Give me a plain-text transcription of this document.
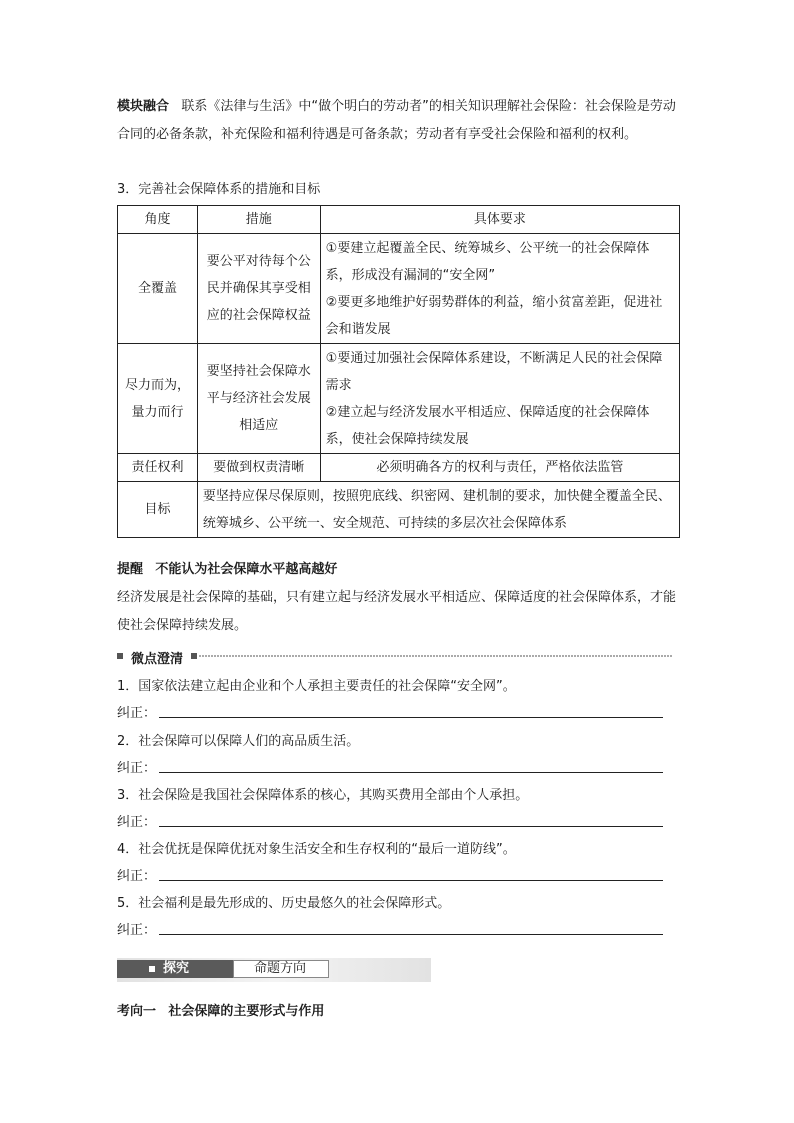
模块融合 联系《法律与生活》中“做个明白的劳动者”的相关知识理解社会保险：社会保险是劳动合同的必备条款，补充保险和福利待遇是可备条款；劳动者有享受社会保险和福利的权利。
3．完善社会保障体系的措施和目标
角度	措施	具体要求
全覆盖	要公平对待每个公民并确保其享受相应的社会保障权益	①要建立起覆盖全民、统筹城乡、公平统一的社会保障体系，形成没有漏洞的“安全网”
②要更多地维护好弱势群体的利益，缩小贫富差距，促进社会和谐发展

尽力而为，量力而行	要坚持社会保障水平与经济社会发展相适应	①要通过加强社会保障体系建设，不断满足人民的社会保障需求
②建立起与经济发展水平相适应、保障适度的社会保障体系，使社会保障持续发展

责任权利	要做到权责清晰	必须明确各方的权利与责任，严格依法监管
目标	要坚持应保尽保原则，按照兜底线、织密网、建机制的要求，加快健全覆盖全民、统筹城乡、公平统一、安全规范、可持续的多层次社会保障体系	
提醒 不能认为社会保障水平越高越好
经济发展是社会保障的基础，只有建立起与经济发展水平相适应、保障适度的社会保障体系，才能使社会保障持续发展。
微点澄清
1．国家依法建立起由企业和个人承担主要责任的社会保障“安全网”。
纠正：
2．社会保障可以保障人们的高品质生活。
纠正：
3．社会保险是我国社会保障体系的核心，其购买费用全部由个人承担。
纠正：
4．社会优抚是保障优抚对象生活安全和生存权利的“最后一道防线”。
纠正：
5．社会福利是最先形成的、历史最悠久的社会保障形式。
纠正：
探究	命题方向
考向一 社会保障的主要形式与作用
